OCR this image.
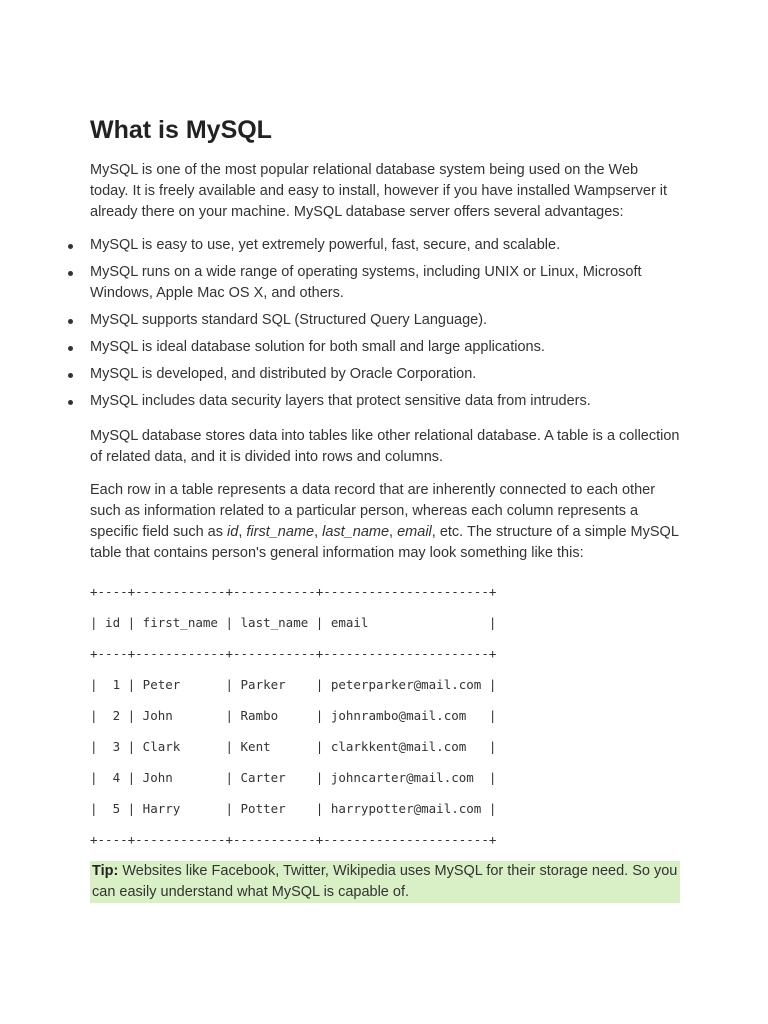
What is MySQL

MySQL is one of the most popular relational database system being used on the Web today. It is freely available and easy to install, however if you have installed Wampserver it already there on your machine. MySQL database server offers several advantages:

MySQL is easy to use, yet extremely powerful, fast, secure, and scalable.
MySQL runs on a wide range of operating systems, including UNIX or Linux, Microsoft Windows, Apple Mac OS X, and others.
MySQL supports standard SQL (Structured Query Language).
MySQL is ideal database solution for both small and large applications.
MySQL is developed, and distributed by Oracle Corporation.
MySQL includes data security layers that protect sensitive data from intruders.

MySQL database stores data into tables like other relational database. A table is a collection of related data, and it is divided into rows and columns.

Each row in a table represents a data record that are inherently connected to each other such as information related to a particular person, whereas each column represents a specific field such as id, first_name, last_name, email, etc. The structure of a simple MySQL table that contains person's general information may look something like this:

+----+------------+-----------+----------------------+
| id | first_name | last_name | email                |
+----+------------+-----------+----------------------+
|  1 | Peter      | Parker    | peterparker@mail.com |
|  2 | John       | Rambo     | johnrambo@mail.com   |
|  3 | Clark      | Kent      | clarkkent@mail.com   |
|  4 | John       | Carter    | johncarter@mail.com  |
|  5 | Harry      | Potter    | harrypotter@mail.com |
+----+------------+-----------+----------------------+
Tip: Websites like Facebook, Twitter, Wikipedia uses MySQL for their storage need. So you can easily understand what MySQL is capable of.
